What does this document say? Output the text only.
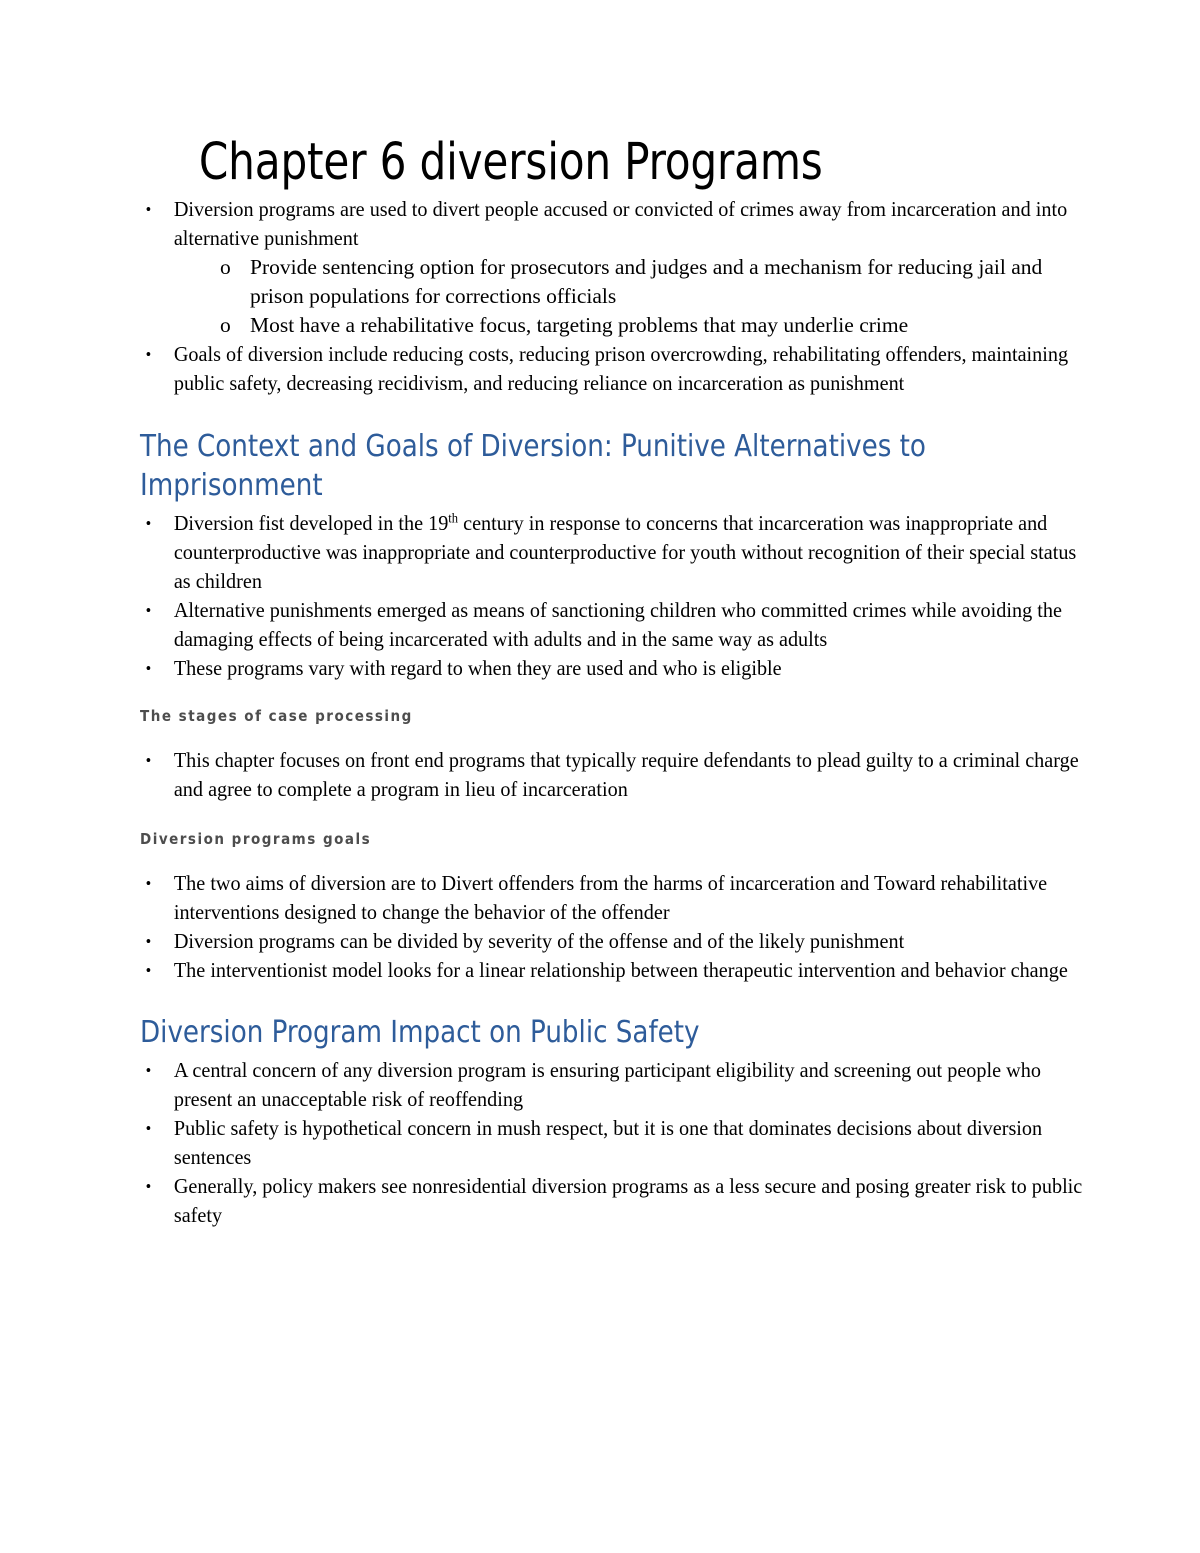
Chapter 6 diversion Programs
• Diversion programs are used to divert people accused or convicted of crimes away from incarceration and into alternative punishment
o Provide sentencing option for prosecutors and judges and a mechanism for reducing jail and prison populations for corrections officials
o Most have a rehabilitative focus, targeting problems that may underlie crime
• Goals of diversion include reducing costs, reducing prison overcrowding, rehabilitating offenders, maintaining public safety, decreasing recidivism, and reducing reliance on incarceration as punishment
The Context and Goals of Diversion: Punitive Alternatives to Imprisonment
• Diversion fist developed in the 19th century in response to concerns that incarceration was inappropriate and counterproductive was inappropriate and counterproductive for youth without recognition of their special status as children
• Alternative punishments emerged as means of sanctioning children who committed crimes while avoiding the damaging effects of being incarcerated with adults and in the same way as adults
• These programs vary with regard to when they are used and who is eligible
The stages of case processing
• This chapter focuses on front end programs that typically require defendants to plead guilty to a criminal charge and agree to complete a program in lieu of incarceration
Diversion programs goals
• The two aims of diversion are to Divert offenders from the harms of incarceration and Toward rehabilitative interventions designed to change the behavior of the offender
• Diversion programs can be divided by severity of the offense and of the likely punishment
• The interventionist model looks for a linear relationship between therapeutic intervention and behavior change
Diversion Program Impact on Public Safety
• A central concern of any diversion program is ensuring participant eligibility and screening out people who present an unacceptable risk of reoffending
• Public safety is hypothetical concern in mush respect, but it is one that dominates decisions about diversion sentences
• Generally, policy makers see nonresidential diversion programs as a less secure and posing greater risk to public safety
